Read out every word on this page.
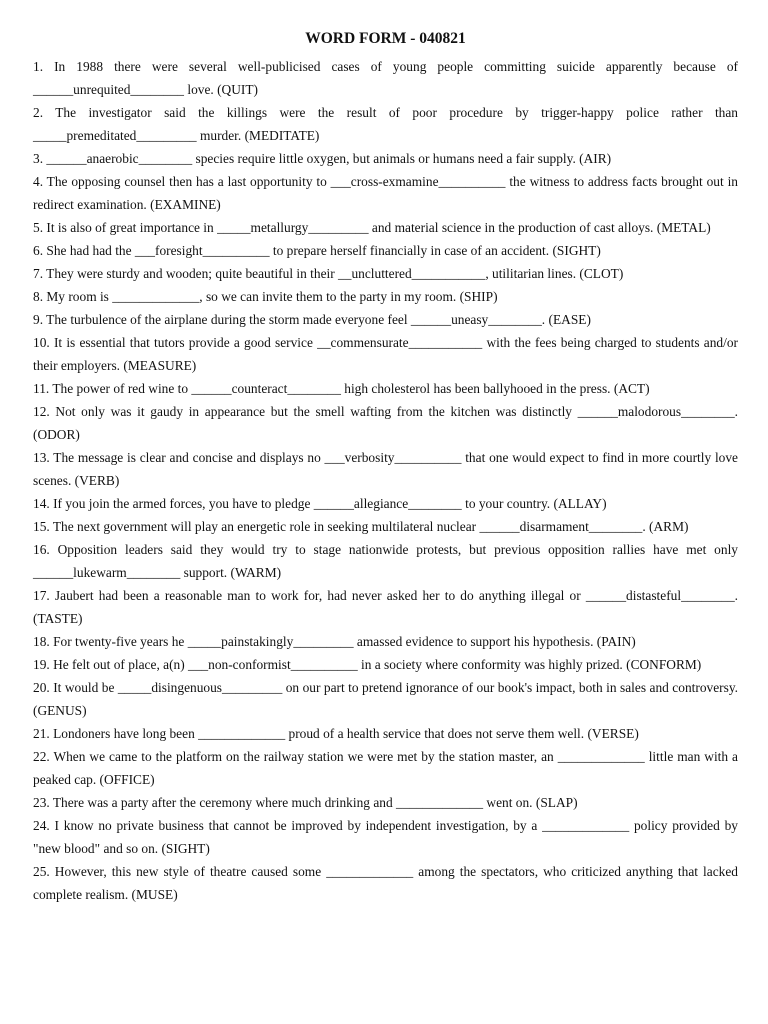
WORD FORM - 040821

1. In 1988 there were several well-publicised cases of young people committing suicide apparently because of ______unrequited________ love. (QUIT)

2. The investigator said the killings were the result of poor procedure by trigger-happy police rather than _____premeditated_________ murder. (MEDITATE)

3. ______anaerobic________ species require little oxygen, but animals or humans need a fair supply. (AIR)

4. The opposing counsel then has a last opportunity to ___cross-exmamine__________ the witness to address facts brought out in redirect examination. (EXAMINE)

5. It is also of great importance in _____metallurgy_________ and material science in the production of cast alloys. (METAL)

6. She had had the ___foresight__________ to prepare herself financially in case of an accident. (SIGHT)

7. They were sturdy and wooden; quite beautiful in their __uncluttered___________, utilitarian lines. (CLOT)

8. My room is _____________, so we can invite them to the party in my room. (SHIP)

9. The turbulence of the airplane during the storm made everyone feel ______uneasy________. (EASE)

10. It is essential that tutors provide a good service __commensurate___________ with the fees being charged to students and/or their employers. (MEASURE)

11. The power of red wine to ______counteract________ high cholesterol has been ballyhooed in the press. (ACT)

12. Not only was it gaudy in appearance but the smell wafting from the kitchen was distinctly ______malodorous________. (ODOR)

13. The message is clear and concise and displays no ___verbosity__________ that one would expect to find in more courtly love scenes. (VERB)

14. If you join the armed forces, you have to pledge ______allegiance________ to your country. (ALLAY)

15. The next government will play an energetic role in seeking multilateral nuclear ______disarmament________. (ARM)

16. Opposition leaders said they would try to stage nationwide protests, but previous opposition rallies have met only ______lukewarm________ support. (WARM)

17. Jaubert had been a reasonable man to work for, had never asked her to do anything illegal or ______distasteful________. (TASTE)

18. For twenty-five years he _____painstakingly_________ amassed evidence to support his hypothesis. (PAIN)

19. He felt out of place, a(n) ___non-conformist__________ in a society where conformity was highly prized. (CONFORM)

20. It would be _____disingenuous_________ on our part to pretend ignorance of our book's impact, both in sales and controversy. (GENUS)

21. Londoners have long been _____________ proud of a health service that does not serve them well. (VERSE)

22. When we came to the platform on the railway station we were met by the station master, an _____________ little man with a peaked cap. (OFFICE)

23. There was a party after the ceremony where much drinking and _____________ went on. (SLAP)

24. I know no private business that cannot be improved by independent investigation, by a _____________ policy provided by "new blood" and so on. (SIGHT)

25. However, this new style of theatre caused some _____________ among the spectators, who criticized anything that lacked complete realism. (MUSE)
